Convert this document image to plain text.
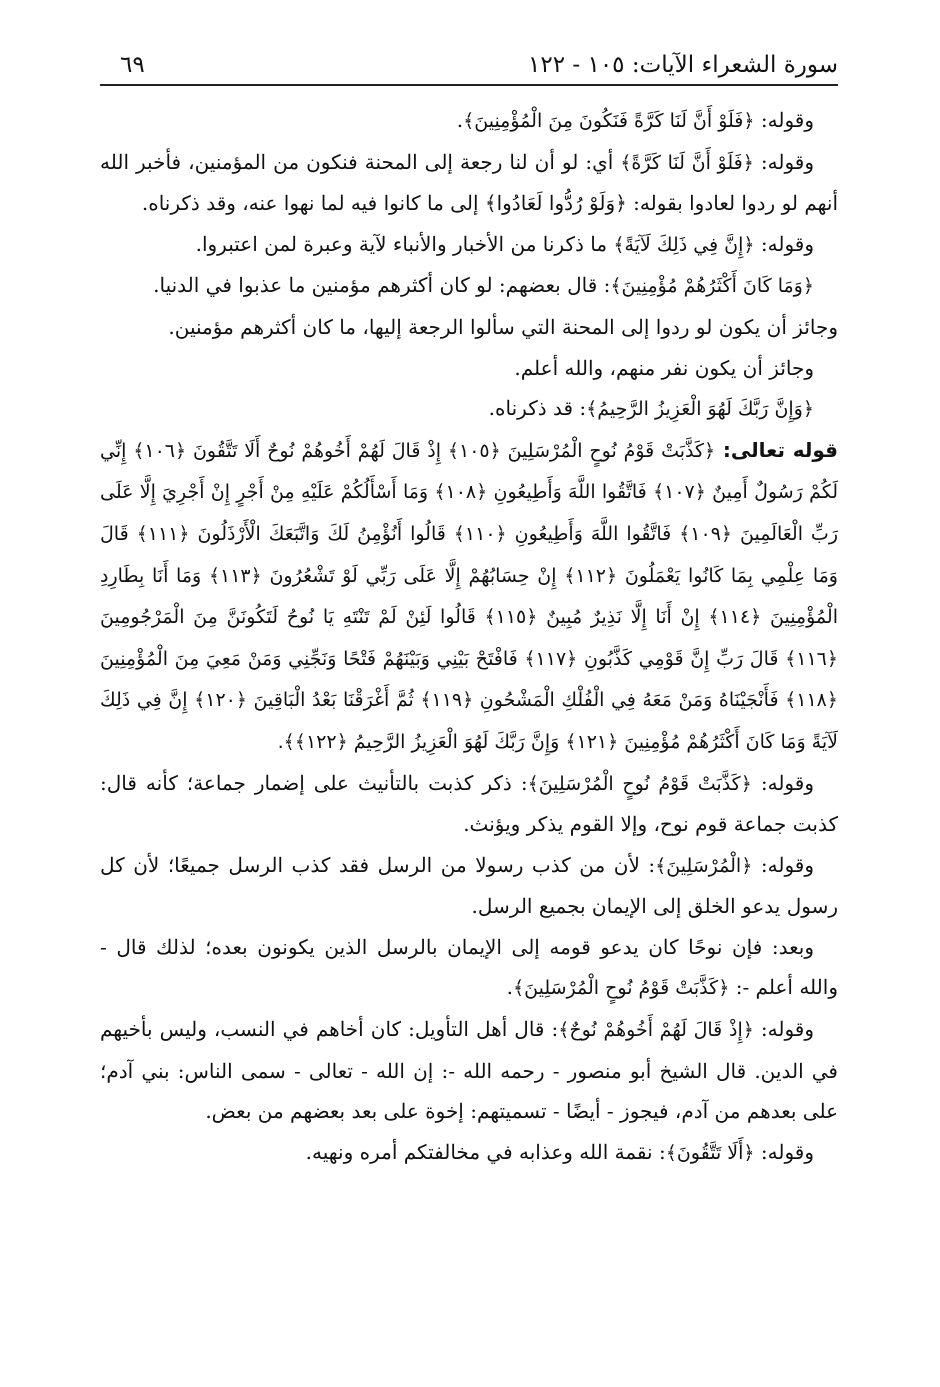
سورة الشعراء الآيات: ١٠٥ - ١٢٢
٦٩

وقوله: ﴿فَلَوْ أَنَّ لَنَا كَرَّةً فَنَكُونَ مِنَ الْمُؤْمِنِينَ﴾.

وقوله: ﴿فَلَوْ أَنَّ لَنَا كَرَّةً﴾ أي: لو أن لنا رجعة إلى المحنة فنكون من المؤمنين، فأخبر الله أنهم لو ردوا لعادوا بقوله: ﴿وَلَوْ رُدُّوا لَعَادُوا﴾ إلى ما كانوا فيه لما نهوا عنه، وقد ذكرناه.

وقوله: ﴿إِنَّ فِي ذَلِكَ لَآيَةً﴾ ما ذكرنا من الأخبار والأنباء لآية وعبرة لمن اعتبروا.

﴿وَمَا كَانَ أَكْثَرُهُمْ مُؤْمِنِينَ﴾: قال بعضهم: لو كان أكثرهم مؤمنين ما عذبوا في الدنيا.

وجائز أن يكون لو ردوا إلى المحنة التي سألوا الرجعة إليها، ما كان أكثرهم مؤمنين.

وجائز أن يكون نفر منهم، والله أعلم.

﴿وَإِنَّ رَبَّكَ لَهُوَ الْعَزِيزُ الرَّحِيمُ﴾: قد ذكرناه.

قوله تعالى: ﴿كَذَّبَتْ قَوْمُ نُوحٍ الْمُرْسَلِينَ ﴿١٠٥﴾ إِذْ قَالَ لَهُمْ أَخُوهُمْ نُوحٌ أَلَا تَتَّقُونَ ﴿١٠٦﴾ إِنِّي لَكُمْ رَسُولٌ أَمِينٌ ﴿١٠٧﴾ فَاتَّقُوا اللَّهَ وَأَطِيعُونِ ﴿١٠٨﴾ وَمَا أَسْأَلُكُمْ عَلَيْهِ مِنْ أَجْرٍ إِنْ أَجْرِيَ إِلَّا عَلَى رَبِّ الْعَالَمِينَ ﴿١٠٩﴾ فَاتَّقُوا اللَّهَ وَأَطِيعُونِ ﴿١١٠﴾ قَالُوا أَنُؤْمِنُ لَكَ وَاتَّبَعَكَ الْأَرْذَلُونَ ﴿١١١﴾ قَالَ وَمَا عِلْمِي بِمَا كَانُوا يَعْمَلُونَ ﴿١١٢﴾ إِنْ حِسَابُهُمْ إِلَّا عَلَى رَبِّي لَوْ تَشْعُرُونَ ﴿١١٣﴾ وَمَا أَنَا بِطَارِدِ الْمُؤْمِنِينَ ﴿١١٤﴾ إِنْ أَنَا إِلَّا نَذِيرٌ مُبِينٌ ﴿١١٥﴾ قَالُوا لَئِنْ لَمْ تَنْتَهِ يَا نُوحُ لَتَكُونَنَّ مِنَ الْمَرْجُومِينَ ﴿١١٦﴾ قَالَ رَبِّ إِنَّ قَوْمِي كَذَّبُونِ ﴿١١٧﴾ فَافْتَحْ بَيْنِي وَبَيْنَهُمْ فَتْحًا وَنَجِّنِي وَمَنْ مَعِيَ مِنَ الْمُؤْمِنِينَ ﴿١١٨﴾ فَأَنْجَيْنَاهُ وَمَنْ مَعَهُ فِي الْفُلْكِ الْمَشْحُونِ ﴿١١٩﴾ ثُمَّ أَغْرَقْنَا بَعْدُ الْبَاقِينَ ﴿١٢٠﴾ إِنَّ فِي ذَلِكَ لَآيَةً وَمَا كَانَ أَكْثَرُهُمْ مُؤْمِنِينَ ﴿١٢١﴾ وَإِنَّ رَبَّكَ لَهُوَ الْعَزِيزُ الرَّحِيمُ ﴿١٢٢﴾﴾.

وقوله: ﴿كَذَّبَتْ قَوْمُ نُوحٍ الْمُرْسَلِينَ﴾: ذكر كذبت بالتأنيث على إضمار جماعة؛ كأنه قال: كذبت جماعة قوم نوح، وإلا القوم يذكر ويؤنث.

وقوله: ﴿الْمُرْسَلِينَ﴾: لأن من كذب رسولا من الرسل فقد كذب الرسل جميعًا؛ لأن كل رسول يدعو الخلق إلى الإيمان بجميع الرسل.

وبعد: فإن نوحًا كان يدعو قومه إلى الإيمان بالرسل الذين يكونون بعده؛ لذلك قال - والله أعلم -: ﴿كَذَّبَتْ قَوْمُ نُوحٍ الْمُرْسَلِينَ﴾.

وقوله: ﴿إِذْ قَالَ لَهُمْ أَخُوهُمْ نُوحٌ﴾: قال أهل التأويل: كان أخاهم في النسب، وليس بأخيهم في الدين. قال الشيخ أبو منصور - رحمه الله -: إن الله - تعالى - سمى الناس: بني آدم؛ على بعدهم من آدم، فيجوز - أيضًا - تسميتهم: إخوة على بعد بعضهم من بعض.

وقوله: ﴿أَلَا تَتَّقُونَ﴾: نقمة الله وعذابه في مخالفتكم أمره ونهيه.
